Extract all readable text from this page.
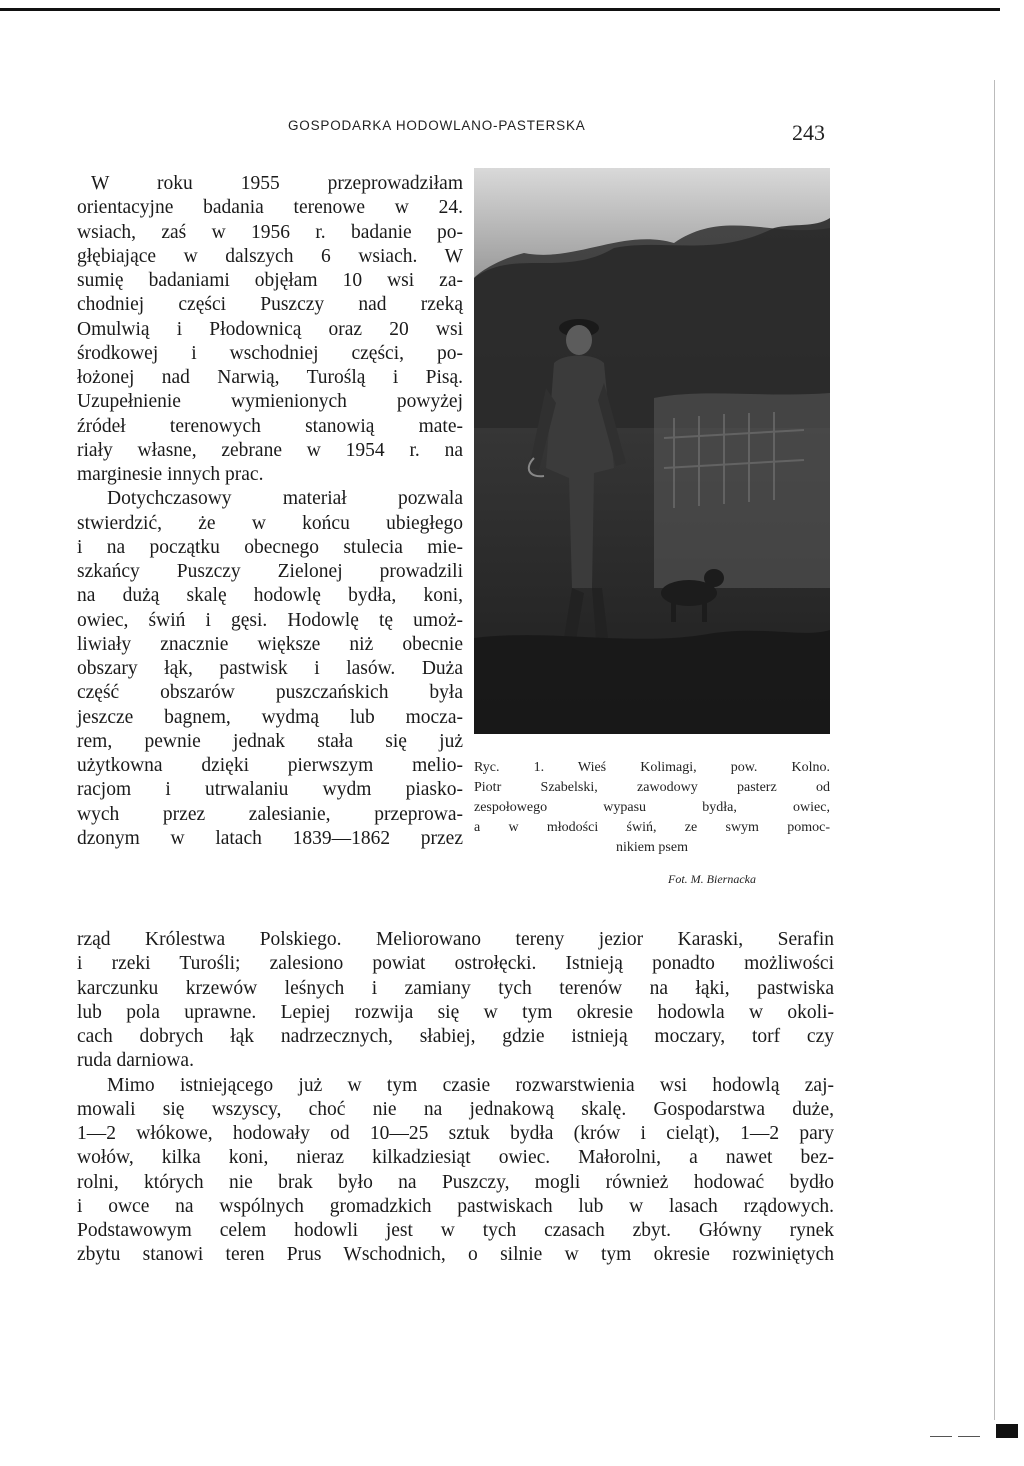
GOSPODARKA HODOWLANO-PASTERSKA	243
W roku 1955 przeprowadziłam
orientacyjne badania terenowe w 24.
wsiach, zaś w 1956 r. badanie po-
głębiające w dalszych 6 wsiach. W
sumię badaniami objęłam 10 wsi za-
chodniej części Puszczy nad rzeką
Omulwią i Płodownicą oraz 20 wsi
środkowej i wschodniej części, po-
łożonej nad Narwią, Turoślą i Pisą.
Uzupełnienie wymienionych powyżej
źródeł terenowych stanowią mate-
riały własne, zebrane w 1954 r. na
marginesie innych prac.
Dotychczasowy materiał pozwala
stwierdzić, że w końcu ubiegłego
i na początku obecnego stulecia mie-
szkańcy Puszczy Zielonej prowadzili
na dużą skalę hodowlę bydła, koni,
owiec, świń i gęsi. Hodowlę tę umoż-
liwiały znacznie większe niż obecnie
obszary łąk, pastwisk i lasów. Duża
część obszarów puszczańskich była
jeszcze bagnem, wydmą lub mocza-
rem, pewnie jednak stała się już
użytkowna dzięki pierwszym melio-
racjom i utrwalaniu wydm piasko-
wych przez zalesianie, przeprowa-
dzonym w latach 1839—1862 przez
Ryc. 1. Wieś Kolimagi, pow. Kolno.
Piotr Szabelski, zawodowy pasterz od
zespołowego wypasu bydła, owiec,
a w młodości świń, ze swym pomoc-
nikiem psem
Fot. M. Biernacka
rząd Królestwa Polskiego. Meliorowano tereny jezior Karaski, Serafin
i rzeki Turośli; zalesiono powiat ostrołęcki. Istnieją ponadto możliwości
karczunku krzewów leśnych i zamiany tych terenów na łąki, pastwiska
lub pola uprawne. Lepiej rozwija się w tym okresie hodowla w okoli-
cach dobrych łąk nadrzecznych, słabiej, gdzie istnieją moczary, torf czy
ruda darniowa.
Mimo istniejącego już w tym czasie rozwarstwienia wsi hodowlą zaj-
mowali się wszyscy, choć nie na jednakową skalę. Gospodarstwa duże,
1—2 włókowe, hodowały od 10—25 sztuk bydła (krów i cieląt), 1—2 pary
wołów, kilka koni, nieraz kilkadziesiąt owiec. Małorolni, a nawet bez-
rolni, których nie brak było na Puszczy, mogli również hodować bydło
i owce na wspólnych gromadzkich pastwiskach lub w lasach rządowych.
Podstawowym celem hodowli jest w tych czasach zbyt. Główny rynek
zbytu stanowi teren Prus Wschodnich, o silnie w tym okresie rozwiniętych
